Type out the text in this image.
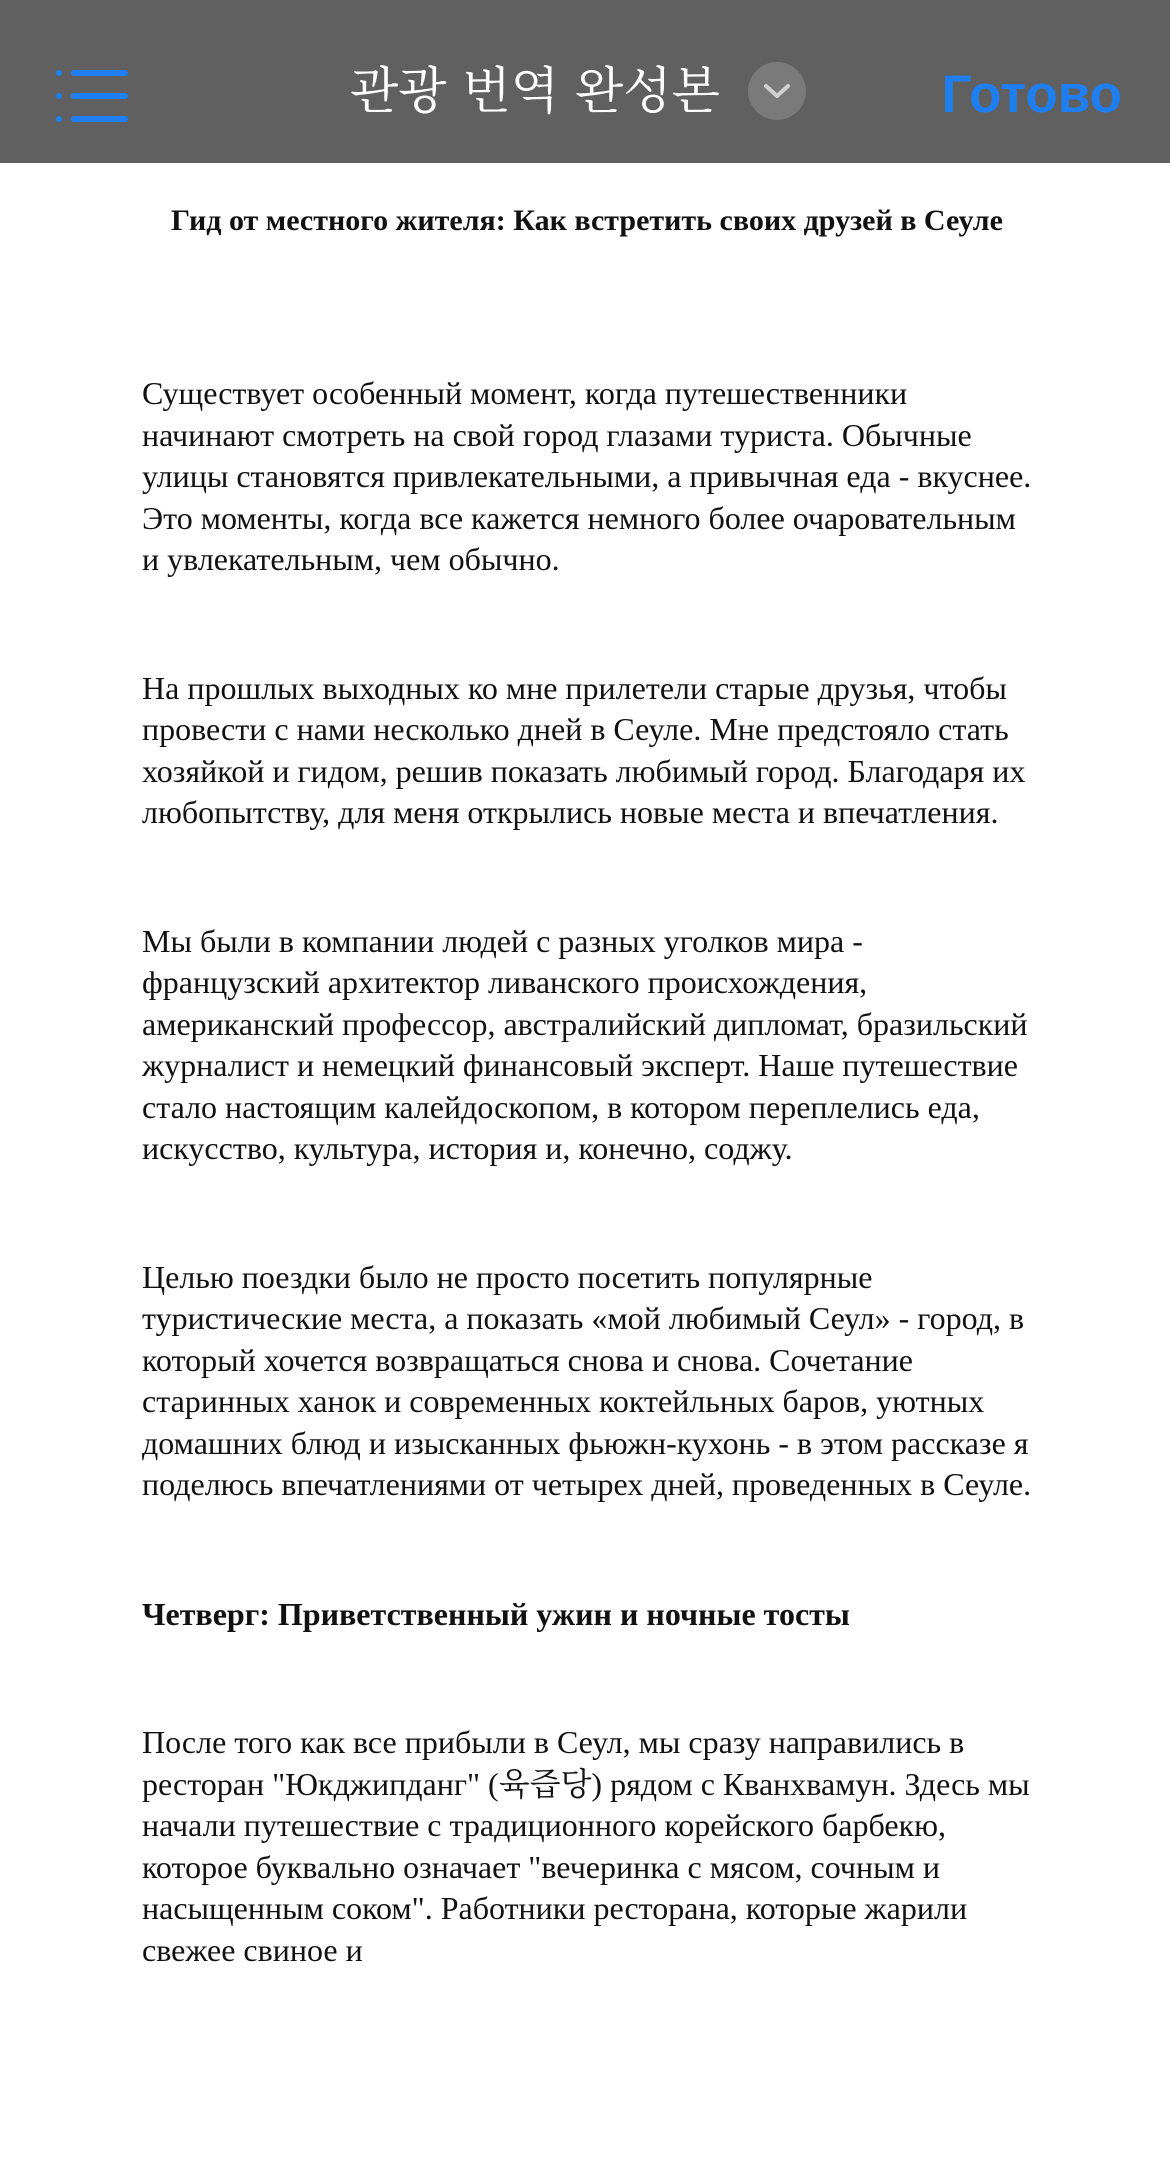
관광 번역 완성본	Готово
Гид от местного жителя: Как встретить своих друзей в Сеуле

Существует особенный момент, когда путешественники начинают смотреть на свой город глазами туриста. Обычные улицы становятся привлекательными, а привычная еда - вкуснее. Это моменты, когда все кажется немного более очаровательным и увлекательным, чем обычно.

На прошлых выходных ко мне прилетели старые друзья, чтобы провести с нами несколько дней в Сеуле. Мне предстояло стать хозяйкой и гидом, решив показать любимый город. Благодаря их любопытству, для меня открылись новые места и впечатления.

Мы были в компании людей с разных уголков мира - французский архитектор ливанского происхождения, американский профессор, австралийский дипломат, бразильский журналист и немецкий финансовый эксперт. Наше путешествие стало настоящим калейдоскопом, в котором переплелись еда, искусство, культура, история и, конечно, соджу.

Целью поездки было не просто посетить популярные туристические места, а показать «мой любимый Сеул» - город, в который хочется возвращаться снова и снова. Сочетание старинных ханок и современных коктейльных баров, уютных домашних блюд и изысканных фьюжн-кухонь - в этом рассказе я поделюсь впечатлениями от четырех дней, проведенных в Сеуле.

Четверг: Приветственный ужин и ночные тосты

После того как все прибыли в Сеул, мы сразу направились в ресторан "Юкджипданг" (육즙당) рядом с Кванхвамун. Здесь мы начали путешествие с традиционного корейского барбекю, которое буквально означает "вечеринка с мясом, сочным и насыщенным соком". Работники ресторана, которые жарили свежее свиное и
